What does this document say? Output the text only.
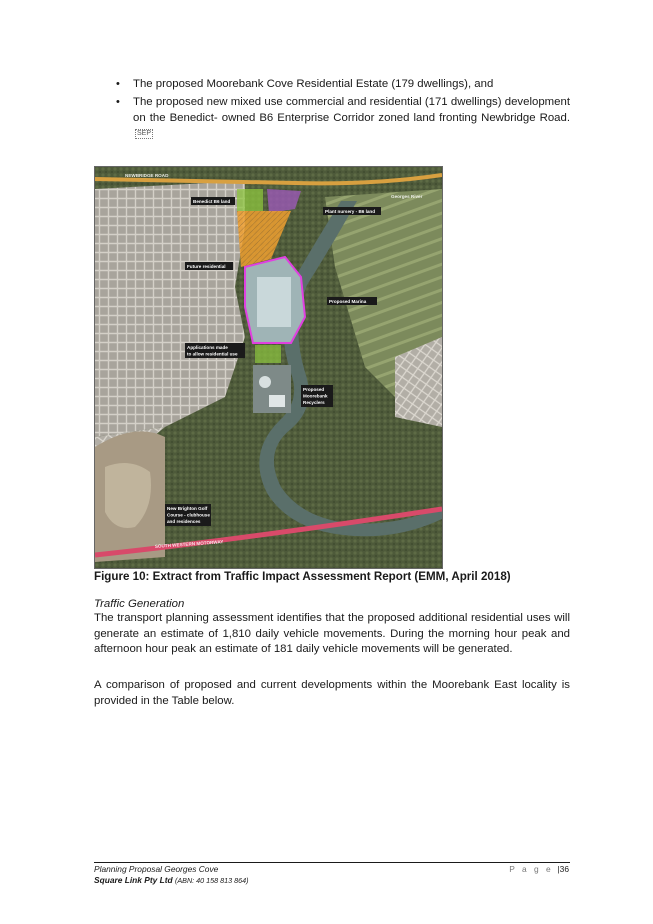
• The proposed Moorebank Cove Residential Estate (179 dwellings), and
• The proposed new mixed use commercial and residential (171 dwellings) development on the Benedict- owned B6 Enterprise Corridor zoned land fronting Newbridge Road.SEP
Georges River
NEWBRIDGE ROAD
SOUTH WESTERN MOTORWAY
Benedict B6 land
Plant nursery - B6 land
Future residential
Proposed Marina
Applications made
to allow residential use
Proposed
Moorebank
Recyclers
New Brighton Golf
Course - clubhouse
and residences
Figure 10: Extract from Traffic Impact Assessment Report (EMM, April 2018)
Traffic Generation

The transport planning assessment identifies that the proposed additional residential uses will generate an estimate of 1,810 daily vehicle movements. During the morning hour peak and afternoon hour peak an estimate of 181 daily vehicle movements will be generated.

A comparison of proposed and current developments within the Moorebank East locality is provided in the Table below.

Planning Proposal Georges Cove
Square Link Pty Ltd (ABN: 40 158 813 864)
P a g e |36
